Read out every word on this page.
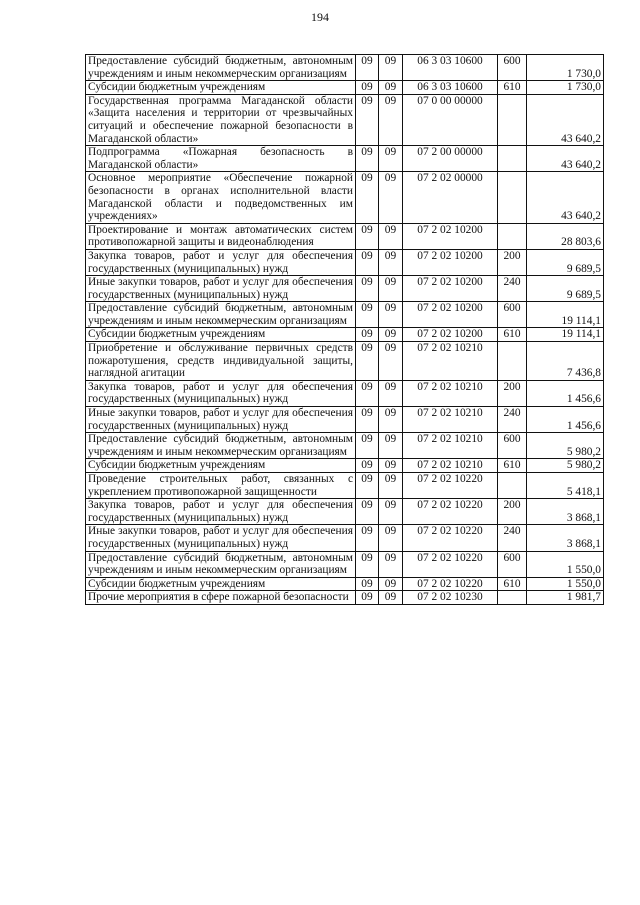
194
Предоставление субсидий бюджетным, автономным учреждениям и иным некоммерческим организациям	09	09	06 3 03 10600	600	1 730,0
Субсидии бюджетным учреждениям	09	09	06 3 03 10600	610	1 730,0
Государственная программа Магаданской области «Защита населения и территории от чрезвычайных ситуаций и обеспечение пожарной безопасности в Магаданской области»	09	09	07 0 00 00000		43 640,2
Подпрограмма «Пожарная безопасность в Магаданской области»	09	09	07 2 00 00000		43 640,2
Основное мероприятие «Обеспечение пожарной безопасности в органах исполнительной власти Магаданской области и подведомственных им учреждениях»	09	09	07 2 02 00000		43 640,2
Проектирование и монтаж автоматических систем противопожарной защиты и видеонаблюдения	09	09	07 2 02 10200		28 803,6
Закупка товаров, работ и услуг для обеспечения государственных (муниципальных) нужд	09	09	07 2 02 10200	200	9 689,5
Иные закупки товаров, работ и услуг для обеспечения государственных (муниципальных) нужд	09	09	07 2 02 10200	240	9 689,5
Предоставление субсидий бюджетным, автономным учреждениям и иным некоммерческим организациям	09	09	07 2 02 10200	600	19 114,1
Субсидии бюджетным учреждениям	09	09	07 2 02 10200	610	19 114,1
Приобретение и обслуживание первичных средств пожаротушения, средств индивидуальной защиты, наглядной агитации	09	09	07 2 02 10210		7 436,8
Закупка товаров, работ и услуг для обеспечения государственных (муниципальных) нужд	09	09	07 2 02 10210	200	1 456,6
Иные закупки товаров, работ и услуг для обеспечения государственных (муниципальных) нужд	09	09	07 2 02 10210	240	1 456,6
Предоставление субсидий бюджетным, автономным учреждениям и иным некоммерческим организациям	09	09	07 2 02 10210	600	5 980,2
Субсидии бюджетным учреждениям	09	09	07 2 02 10210	610	5 980,2
Проведение строительных работ, связанных с укреплением противопожарной защищенности	09	09	07 2 02 10220		5 418,1
Закупка товаров, работ и услуг для обеспечения государственных (муниципальных) нужд	09	09	07 2 02 10220	200	3 868,1
Иные закупки товаров, работ и услуг для обеспечения государственных (муниципальных) нужд	09	09	07 2 02 10220	240	3 868,1
Предоставление субсидий бюджетным, автономным учреждениям и иным некоммерческим организациям	09	09	07 2 02 10220	600	1 550,0
Субсидии бюджетным учреждениям	09	09	07 2 02 10220	610	1 550,0
Прочие мероприятия в сфере пожарной безопасности	09	09	07 2 02 10230		1 981,7
